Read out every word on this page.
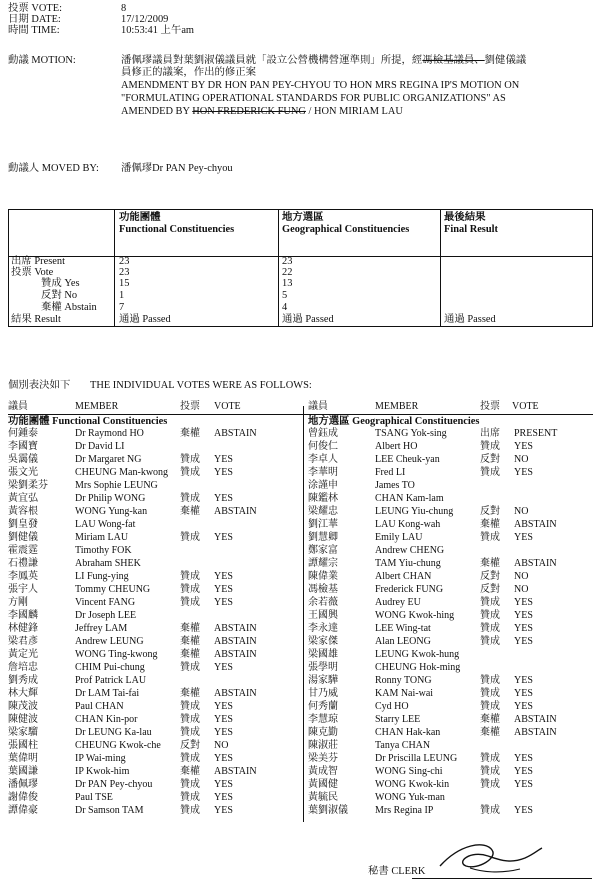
投票 VOTE:	8
日期 DATE:	17/12/2009
時間 TIME:	10:53:41 上午am
動議 MOTION:	潘佩璆議員對葉劉淑儀議員就「設立公營機構營運準則」所提，經馮檢基議員、劉健儀議
員修正的議案，作出的修正案
AMENDMENT BY DR HON PAN PEY-CHYOU TO HON MRS REGINA IP'S MOTION ON
"FORMULATING OPERATIONAL STANDARDS FOR PUBLIC ORGANIZATIONS" AS
AMENDED BY HON FREDERICK FUNG / HON MIRIAM LAU
動議人 MOVED BY: 潘佩璆Dr PAN Pey-chyou
功能團體
Functional Constituencies
地方選區
Geographical Constituencies
最後結果
Final Result
出席 Present	23	23
投票 Vote	23	22
贊成 Yes	15	13
反對 No	1	5
棄權 Abstain 7	4
結果 Result	通過 Passed	通過 Passed	通過 Passed
個別表決如下 THE INDIVIDUAL VOTES WERE AS FOLLOWS:
議員	MEMBER	投票 VOTE	議員	MEMBER	投票 VOTE
功能團體 Functional Constituencies	地方選區 Geographical Constituencies
何鍾泰	Dr Raymond HO	棄權 ABSTAIN
李國寶	Dr David LI
吳靄儀	Dr Margaret NG	贊成 YES
張文光	CHEUNG Man-kwong 贊成 YES
梁劉柔芬	Mrs Sophie LEUNG
黃宜弘	Dr Philip WONG	贊成 YES
黃容根	WONG Yung-kan	棄權 ABSTAIN
劉皇發	LAU Wong-fat
劉健儀	Miriam LAU	贊成 YES
霍震霆	Timothy FOK
石禮謙	Abraham SHEK
李鳳英	LI Fung-ying	贊成 YES
張宇人	Tommy CHEUNG	贊成 YES
方剛	Vincent FANG	贊成 YES
李國麟	Dr Joseph LEE
林健鋒	Jeffrey LAM	棄權 ABSTAIN
梁君彥	Andrew LEUNG	棄權 ABSTAIN
黃定光	WONG Ting-kwong 棄權 ABSTAIN
詹培忠	CHIM Pui-chung	贊成 YES
劉秀成	Prof Patrick LAU
林大輝	Dr LAM Tai-fai	棄權 ABSTAIN
陳茂波	Paul CHAN	贊成 YES
陳健波	CHAN Kin-por	贊成 YES
梁家騮	Dr LEUNG Ka-lau	贊成 YES
張國柱	CHEUNG Kwok-che 反對 NO
葉偉明	IP Wai-ming	贊成 YES
葉國謙	IP Kwok-him	棄權 ABSTAIN
潘佩璆	Dr PAN Pey-chyou	贊成 YES
謝偉俊	Paul TSE	贊成 YES
譚偉豪	Dr Samson TAM	贊成 YES
曾鈺成	TSANG Yok-sing	出席 PRESENT
何俊仁	Albert HO	贊成 YES
李卓人	LEE Cheuk-yan	反對 NO
李華明	Fred LI	贊成 YES
涂謹申	James TO
陳鑑林	CHAN Kam-lam
梁耀忠	LEUNG Yiu-chung	反對 NO
劉江華	LAU Kong-wah	棄權 ABSTAIN
劉慧卿	Emily LAU	贊成 YES
鄭家富	Andrew CHENG
譚耀宗	TAM Yiu-chung	棄權 ABSTAIN
陳偉業	Albert CHAN	反對 NO
馮檢基	Frederick FUNG	反對 NO
余若薇	Audrey EU	贊成 YES
王國興	WONG Kwok-hing	贊成 YES
李永達	LEE Wing-tat	贊成 YES
梁家傑	Alan LEONG	贊成 YES
梁國雄	LEUNG Kwok-hung
張學明	CHEUNG Hok-ming
湯家驊	Ronny TONG	贊成 YES
甘乃威	KAM Nai-wai	贊成 YES
何秀蘭	Cyd HO	贊成 YES
李慧琼	Starry LEE	棄權 ABSTAIN
陳克勤	CHAN Hak-kan	棄權 ABSTAIN
陳淑莊	Tanya CHAN
梁美芬	Dr Priscilla LEUNG 贊成 YES
黃成智	WONG Sing-chi	贊成 YES
黃國健	WONG Kwok-kin	贊成 YES
黃毓民	WONG Yuk-man
葉劉淑儀	Mrs Regina IP	贊成 YES
秘書 CLERK
